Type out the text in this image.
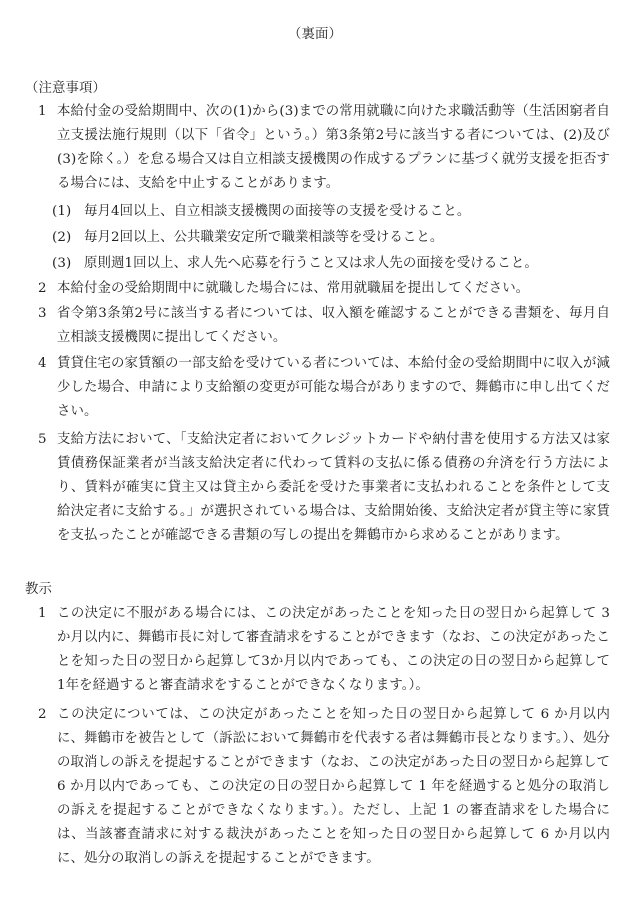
（裏面）
（注意事項）
1 本給付金の受給期間中、次の(1)から(3)までの常用就職に向けた求職活動等（生活困窮者自立支援法施行規則（以下「省令」という。）第3条第2号に該当する者については、(2)及び(3)を除く。）を怠る場合又は自立相談支援機関の作成するプランに基づく就労支援を拒否する場合には、支給を中止することがあります。
(1) 毎月4回以上、自立相談支援機関の面接等の支援を受けること。
(2) 毎月2回以上、公共職業安定所で職業相談等を受けること。
(3) 原則週1回以上、求人先へ応募を行うこと又は求人先の面接を受けること。
2 本給付金の受給期間中に就職した場合には、常用就職届を提出してください。
3 省令第3条第2号に該当する者については、収入額を確認することができる書類を、毎月自立相談支援機関に提出してください。
4 賃貸住宅の家賃額の一部支給を受けている者については、本給付金の受給期間中に収入が減少した場合、申請により支給額の変更が可能な場合がありますので、舞鶴市に申し出てください。
5 支給方法において、「支給決定者においてクレジットカードや納付書を使用する方法又は家賃債務保証業者が当該支給決定者に代わって賃料の支払に係る債務の弁済を行う方法により、賃料が確実に貸主又は貸主から委託を受けた事業者に支払われることを条件として支給決定者に支給する。」が選択されている場合は、支給開始後、支給決定者が貸主等に家賃を支払ったことが確認できる書類の写しの提出を舞鶴市から求めることがあります。
教示
1 この決定に不服がある場合には、この決定があったことを知った日の翌日から起算して 3 か月以内に、舞鶴市長に対して審査請求をすることができます（なお、この決定があったことを知った日の翌日から起算して3か月以内であっても、この決定の日の翌日から起算して1年を経過すると審査請求をすることができなくなります。）。
2 この決定については、この決定があったことを知った日の翌日から起算して 6 か月以内に、舞鶴市を被告として（訴訟において舞鶴市を代表する者は舞鶴市長となります。）、処分の取消しの訴えを提起することができます（なお、この決定があった日の翌日から起算して 6 か月以内であっても、この決定の日の翌日から起算して 1 年を経過すると処分の取消しの訴えを提起することができなくなります。）。ただし、上記 1 の審査請求をした場合には、当該審査請求に対する裁決があったことを知った日の翌日から起算して 6 か月以内に、処分の取消しの訴えを提起することができます。
